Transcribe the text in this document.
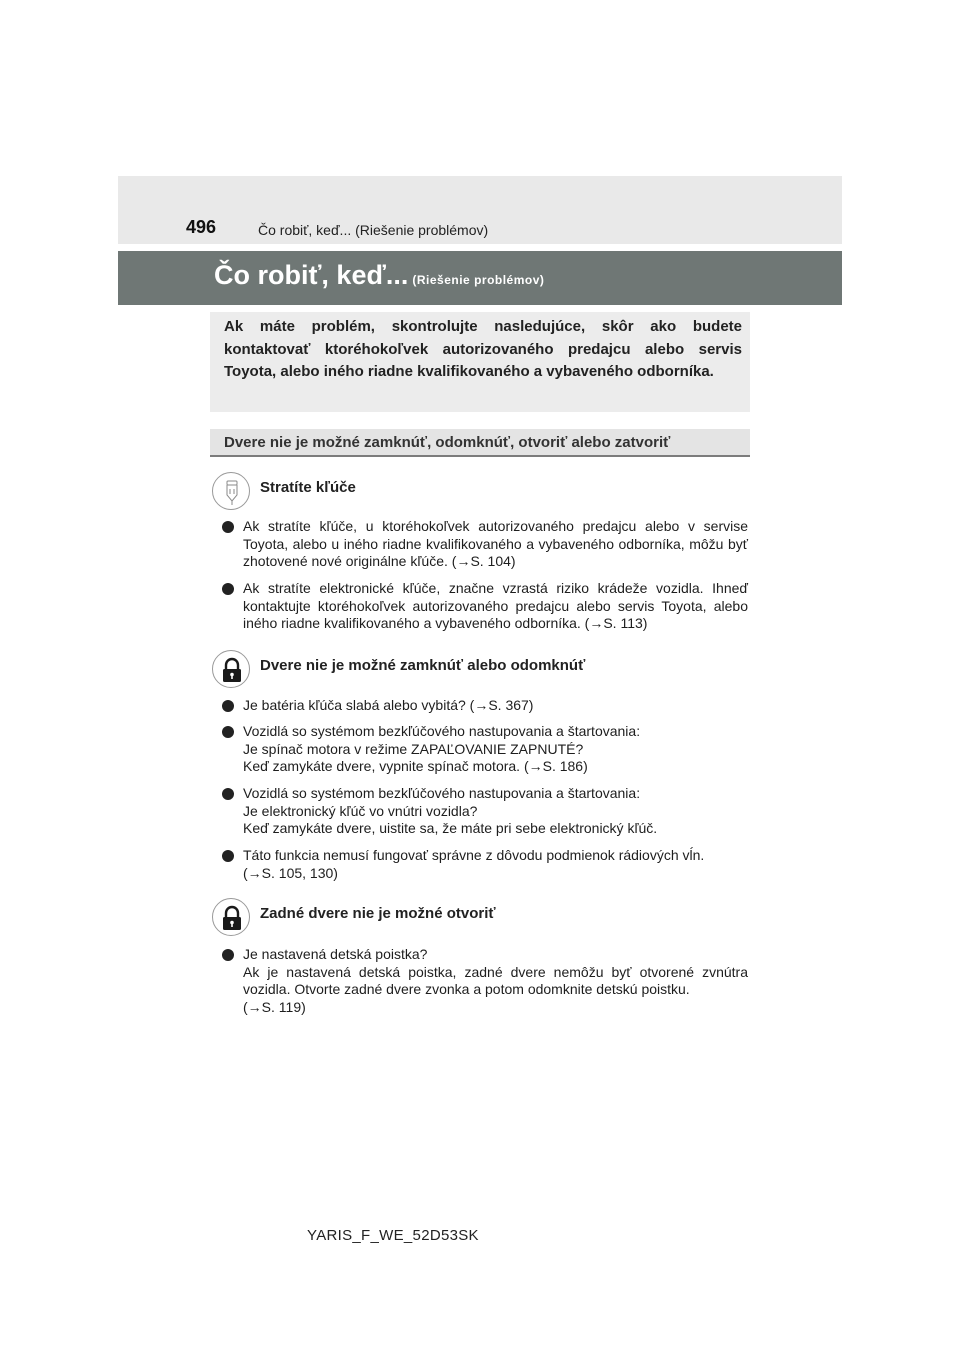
496	Čo robiť, keď... (Riešenie problémov)
Čo robiť, keď... (Riešenie problémov)
Ak máte problém, skontrolujte nasledujúce, skôr ako budete kontaktovať ktoréhokoľvek autorizovaného predajcu alebo servis Toyota, alebo iného riadne kvalifikovaného a vybaveného odborníka.
Dvere nie je možné zamknúť, odomknúť, otvoriť alebo zatvoriť
Stratíte kľúče
Ak stratíte kľúče, u ktoréhokoľvek autorizovaného predajcu alebo v servise Toyota, alebo u iného riadne kvalifikovaného a vybaveného odborníka, môžu byť zhotovené nové originálne kľúče. (→S. 104)
Ak stratíte elektronické kľúče, značne vzrastá riziko krádeže vozidla. Ihneď kontaktujte ktoréhokoľvek autorizovaného predajcu alebo servis Toyota, alebo iného riadne kvalifikovaného a vybaveného odborníka. (→S. 113)
Dvere nie je možné zamknúť alebo odomknúť
Je batéria kľúča slabá alebo vybitá? (→S. 367)
Vozidlá so systémom bezkľúčového nastupovania a štartovania:
Je spínač motora v režime ZAPAĽOVANIE ZAPNUTÉ?
Keď zamykáte dvere, vypnite spínač motora. (→S. 186)
Vozidlá so systémom bezkľúčového nastupovania a štartovania:
Je elektronický kľúč vo vnútri vozidla?
Keď zamykáte dvere, uistite sa, že máte pri sebe elektronický kľúč.
Táto funkcia nemusí fungovať správne z dôvodu podmienok rádiových vĺn.
(→S. 105, 130)
Zadné dvere nie je možné otvoriť
Je nastavená detská poistka?
Ak je nastavená detská poistka, zadné dvere nemôžu byť otvorené zvnútra vozidla. Otvorte zadné dvere zvonka a potom odomknite detskú poistku.
(→S. 119)
YARIS_F_WE_52D53SK
